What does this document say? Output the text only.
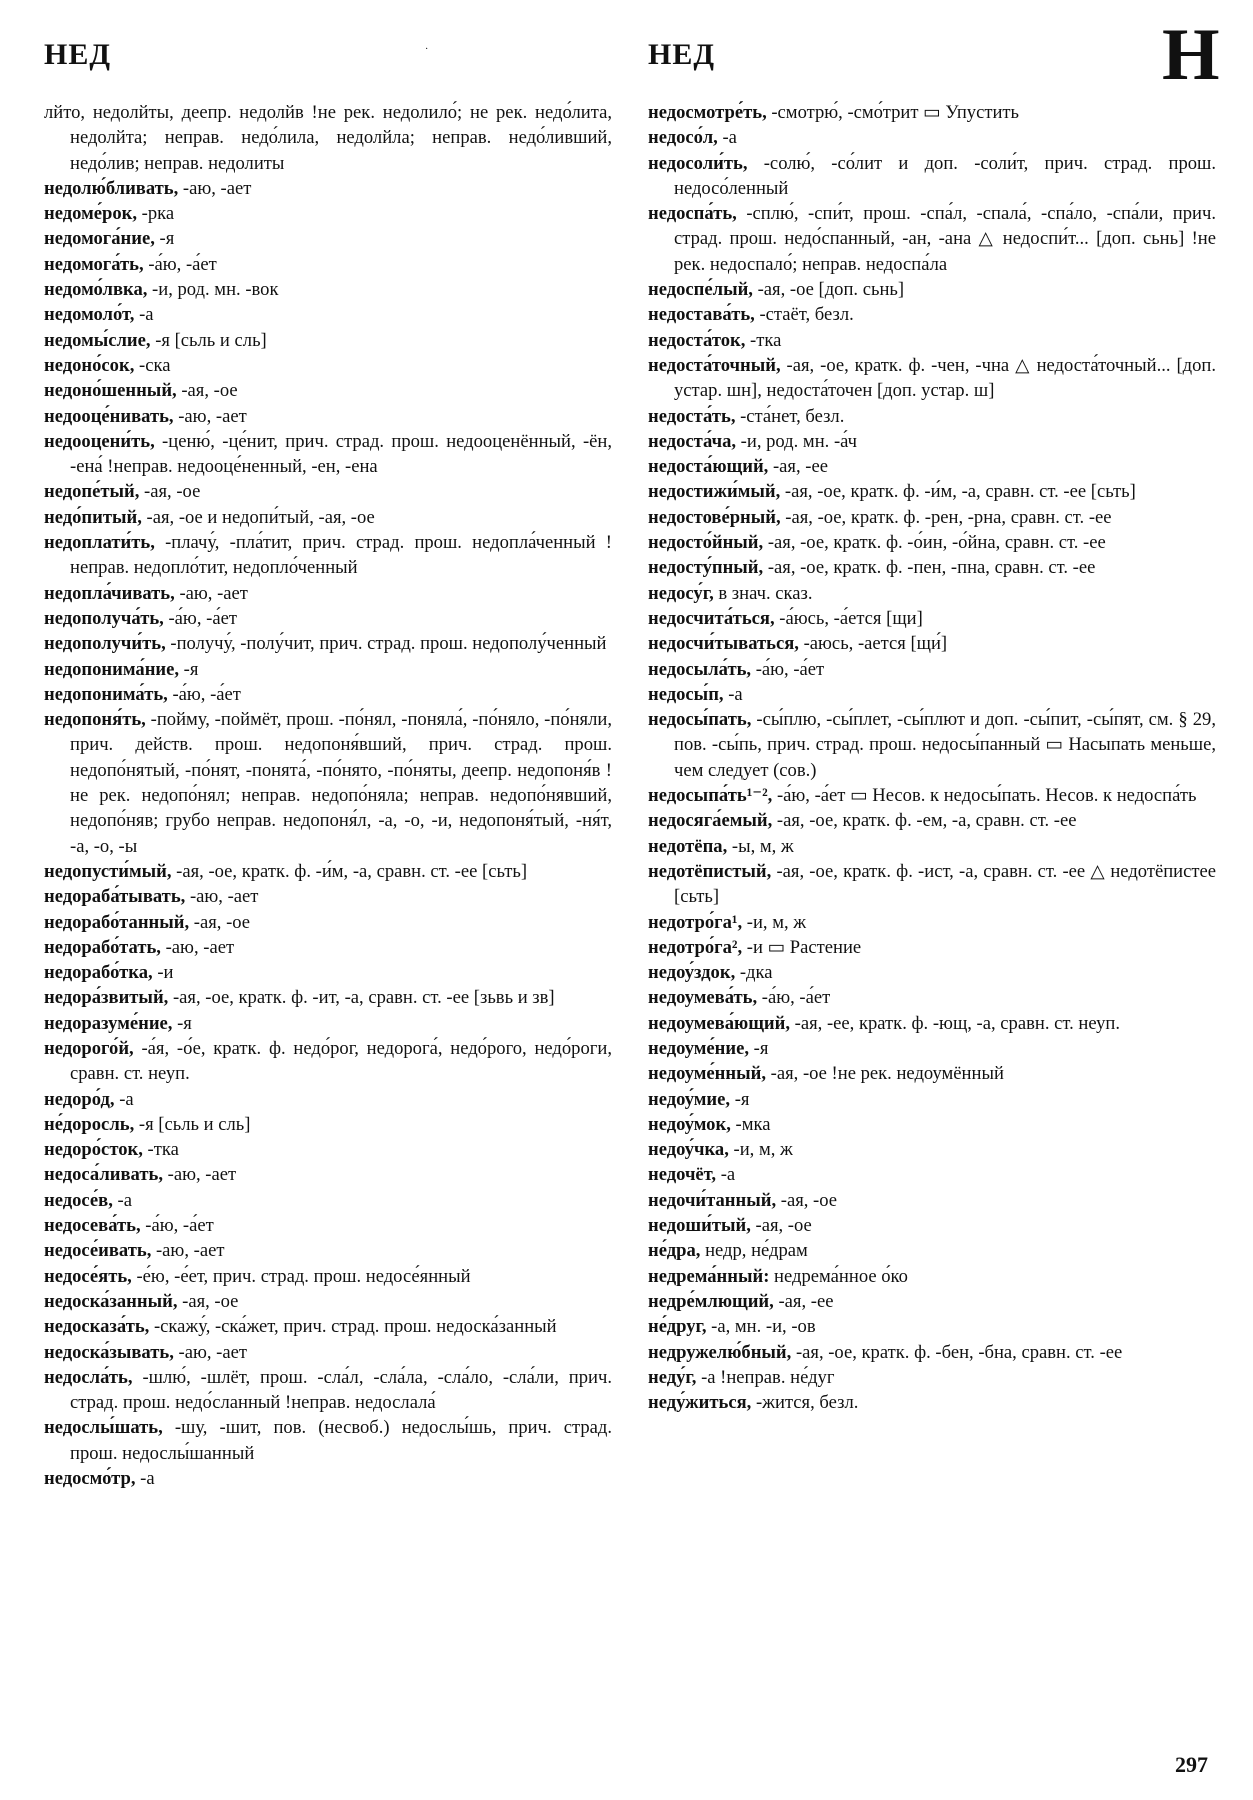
НЕД	·	НЕД	Н
лйто, недолйты, деепр. недолйв !не рек. недолило́; не рек. недо́лита, недолйта; неправ. недо́лила, недолйла; неправ. недо́ливший, недо́лив; неправ. недолиты
недолю́бливать, -аю, -ает
недоме́рок, -рка
недомога́ние, -я
недомога́ть, -а́ю, -а́ет
недомо́лвка, -и, род. мн. -вок
недомоло́т, -а
недомы́слие, -я [сьль и сль]
недоно́сок, -ска
недоно́шенный, -ая, -ое
недооце́нивать, -аю, -ает
недооцени́ть, -ценю́, -це́нит, прич. страд. прош. недооценённый, -ён, -ена́ !неправ. недооце́ненный, -ен, -ена
недопе́тый, -ая, -ое
недо́питый, -ая, -ое и недопи́тый, -ая, -ое
недоплати́ть, -плачу́, -пла́тит, прич. страд. прош. недопла́ченный !неправ. недопло́тит, недопло́ченный
недопла́чивать, -аю, -ает
недополуча́ть, -а́ю, -а́ет
недополучи́ть, -получу́, -полу́чит, прич. страд. прош. недополу́ченный
недопонима́ние, -я
недопонима́ть, -а́ю, -а́ет
недопоня́ть, -пойму, -поймёт, прош. -по́нял, -поняла́, -по́няло, -по́няли, прич. действ. прош. недопоня́вший, прич. страд. прош. недопо́нятый, -по́нят, -понята́, -по́нято, -по́няты, деепр. недопоня́в !не рек. недопо́нял; неправ. недопо́няла; неправ. недопо́нявший, недопо́няв; грубо неправ. недопоня́л, -а, -о, -и, недопоня́тый, -ня́т, -а, -о, -ы
недопусти́мый, -ая, -ое, кратк. ф. -и́м, -а, сравн. ст. -ее [сьть]
недораба́тывать, -аю, -ает
недорабо́танный, -ая, -ое
недорабо́тать, -аю, -ает
недорабо́тка, -и
недора́звитый, -ая, -ое, кратк. ф. -ит, -а, сравн. ст. -ее [зьвь и зв]
недоразуме́ние, -я
недорого́й, -а́я, -о́е, кратк. ф. недо́рог, недорога́, недо́рого, недо́роги, сравн. ст. неуп.
недоро́д, -а
не́доросль, -я [сьль и сль]
недоро́сток, -тка
недоса́ливать, -аю, -ает
недосе́в, -а
недосева́ть, -а́ю, -а́ет
недосе́ивать, -аю, -ает
недосе́ять, -е́ю, -е́ет, прич. страд. прош. недосе́янный
недоска́занный, -ая, -ое
недосказа́ть, -скажу́, -ска́жет, прич. страд. прош. недоска́занный
недоска́зывать, -аю, -ает
недосла́ть, -шлю́, -шлёт, прош. -сла́л, -сла́ла, -сла́ло, -сла́ли, прич. страд. прош. недо́сланный !неправ. недослала́
недослы́шать, -шу, -шит, пов. (несвоб.) недослы́шь, прич. страд. прош. недослы́шанный
недосмо́тр, -а
недосмотре́ть, -смотрю́, -смо́трит ▭ Упустить
недосо́л, -а
недосоли́ть, -солю́, -со́лит и доп. -соли́т, прич. страд. прош. недосо́ленный
недоспа́ть, -сплю́, -спи́т, прош. -спа́л, -спала́, -спа́ло, -спа́ли, прич. страд. прош. недо́спанный, -ан, -ана △ недоспи́т... [доп. сьнь] !не рек. недоспало́; неправ. недоспа́ла
недоспе́лый, -ая, -ое [доп. сьнь]
недостава́ть, -стаёт, безл.
недоста́ток, -тка
недоста́точный, -ая, -ое, кратк. ф. -чен, -чна △ недоста́точный... [доп. устар. шн], недоста́точен [доп. устар. ш]
недоста́ть, -ста́нет, безл.
недоста́ча, -и, род. мн. -а́ч
недоста́ющий, -ая, -ее
недостижи́мый, -ая, -ое, кратк. ф. -и́м, -а, сравн. ст. -ее [сьть]
недостове́рный, -ая, -ое, кратк. ф. -рен, -рна, сравн. ст. -ее
недосто́йный, -ая, -ое, кратк. ф. -о́ин, -о́йна, сравн. ст. -ее
недосту́пный, -ая, -ое, кратк. ф. -пен, -пна, сравн. ст. -ее
недосу́г, в знач. сказ.
недосчита́ться, -а́юсь, -а́ется [щи]
недосчи́тываться, -аюсь, -ается [щи́]
недосыла́ть, -а́ю, -а́ет
недосы́п, -а
недосы́пать, -сы́плю, -сы́плет, -сы́плют и доп. -сы́пит, -сы́пят, см. § 29, пов. -сы́пь, прич. страд. прош. недосы́панный ▭ Насыпать меньше, чем следует (сов.)
недосыпа́ть¹⁻², -а́ю, -а́ет ▭ Несов. к недосы́пать. Несов. к недоспа́ть
недосяга́емый, -ая, -ое, кратк. ф. -ем, -а, сравн. ст. -ее
недотёпа, -ы, м, ж
недотёпистый, -ая, -ое, кратк. ф. -ист, -а, сравн. ст. -ее △ недотёпистее [сьть]
недотро́га¹, -и, м, ж
недотро́га², -и ▭ Растение
недоу́здок, -дка
недоумева́ть, -а́ю, -а́ет
недоумева́ющий, -ая, -ее, кратк. ф. -ющ, -а, сравн. ст. неуп.
недоуме́ние, -я
недоуме́нный, -ая, -ое !не рек. недоумённый
недоу́мие, -я
недоу́мок, -мка
недоу́чка, -и, м, ж
недочёт, -а
недочи́танный, -ая, -ое
недоши́тый, -ая, -ое
не́дра, недр, не́драм
недрема́нный: недрема́нное о́ко
недре́млющий, -ая, -ее
не́друг, -а, мн. -и, -ов
недружелю́бный, -ая, -ое, кратк. ф. -бен, -бна, сравн. ст. -ее
неду́г, -а !неправ. не́дуг
неду́житься, -жится, безл.
297
